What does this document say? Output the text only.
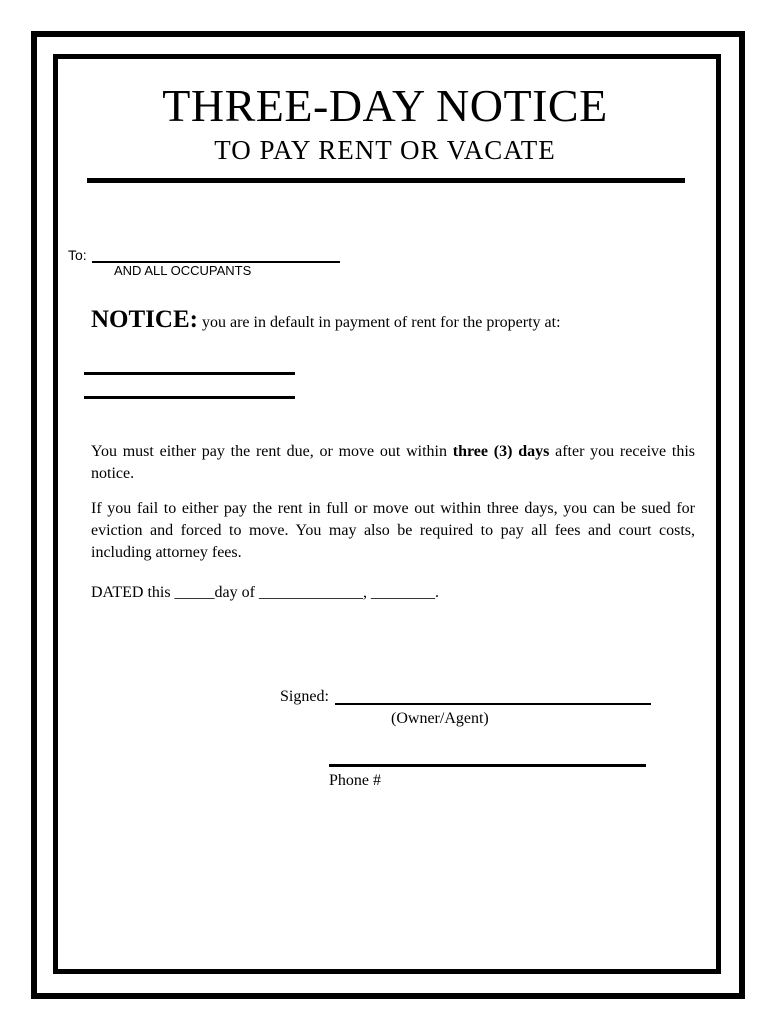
THREE-DAY NOTICE
TO PAY RENT OR VACATE
To:
AND ALL OCCUPANTS
NOTICE: you are in default in payment of rent for the property at:

You must either pay the rent due, or move out within three (3) days after you receive this notice.

If you fail to either pay the rent in full or move out within three days, you can be sued for eviction and forced to move. You may also be required to pay all fees and court costs, including attorney fees.

DATED this _____day of _____________, ________.
Signed:
(Owner/Agent)
Phone #
